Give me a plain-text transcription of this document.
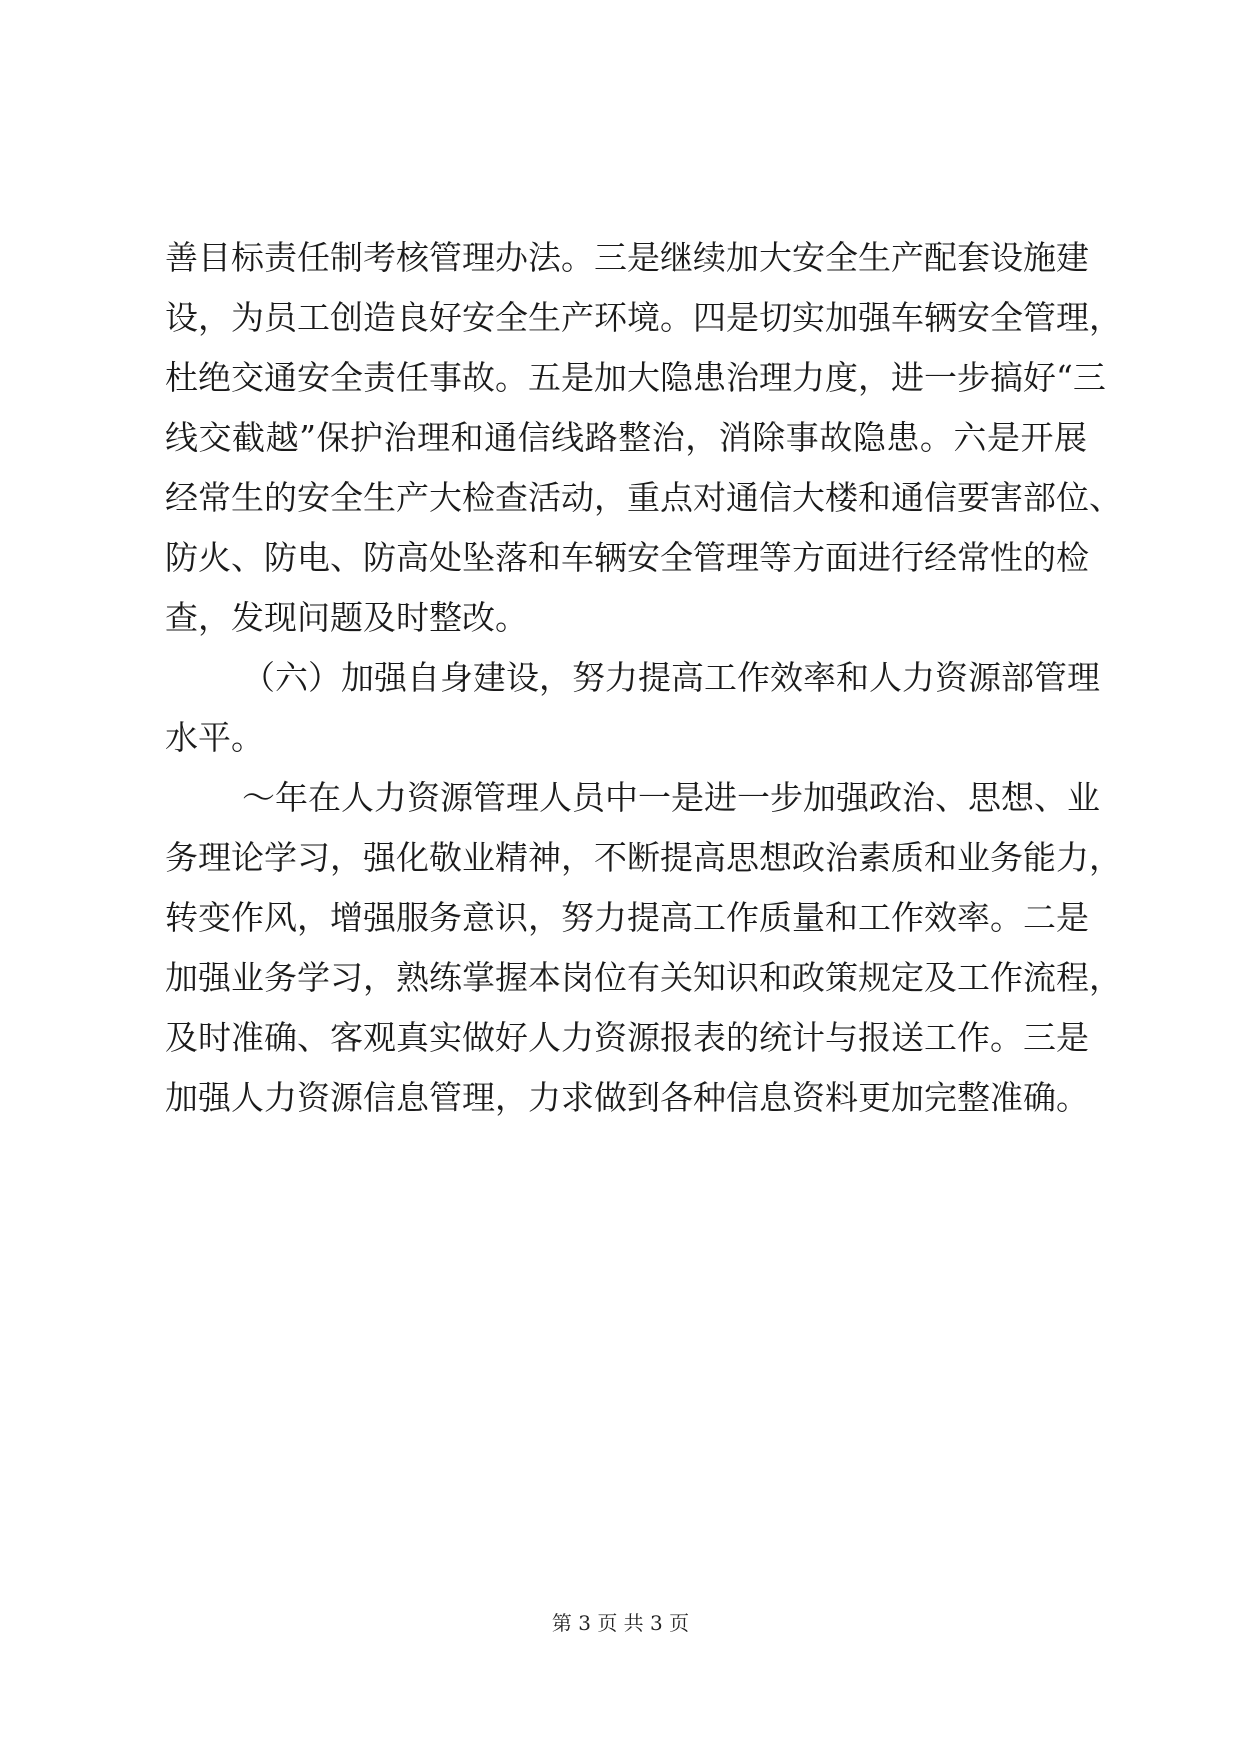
善目标责任制考核管理办法。三是继续加大安全生产配套设施建
设，为员工创造良好安全生产环境。四是切实加强车辆安全管理，
杜绝交通安全责任事故。五是加大隐患治理力度，进一步搞好“三
线交截越”保护治理和通信线路整治，消除事故隐患。六是开展
经常生的安全生产大检查活动，重点对通信大楼和通信要害部位、
防火、防电、防高处坠落和车辆安全管理等方面进行经常性的检
查，发现问题及时整改。
（六）加强自身建设，努力提高工作效率和人力资源部管理
水平。
～年在人力资源管理人员中一是进一步加强政治、思想、业
务理论学习，强化敬业精神，不断提高思想政治素质和业务能力，
转变作风，增强服务意识，努力提高工作质量和工作效率。二是
加强业务学习，熟练掌握本岗位有关知识和政策规定及工作流程，
及时准确、客观真实做好人力资源报表的统计与报送工作。三是
加强人力资源信息管理，力求做到各种信息资料更加完整准确。
第 3 页 共 3 页
